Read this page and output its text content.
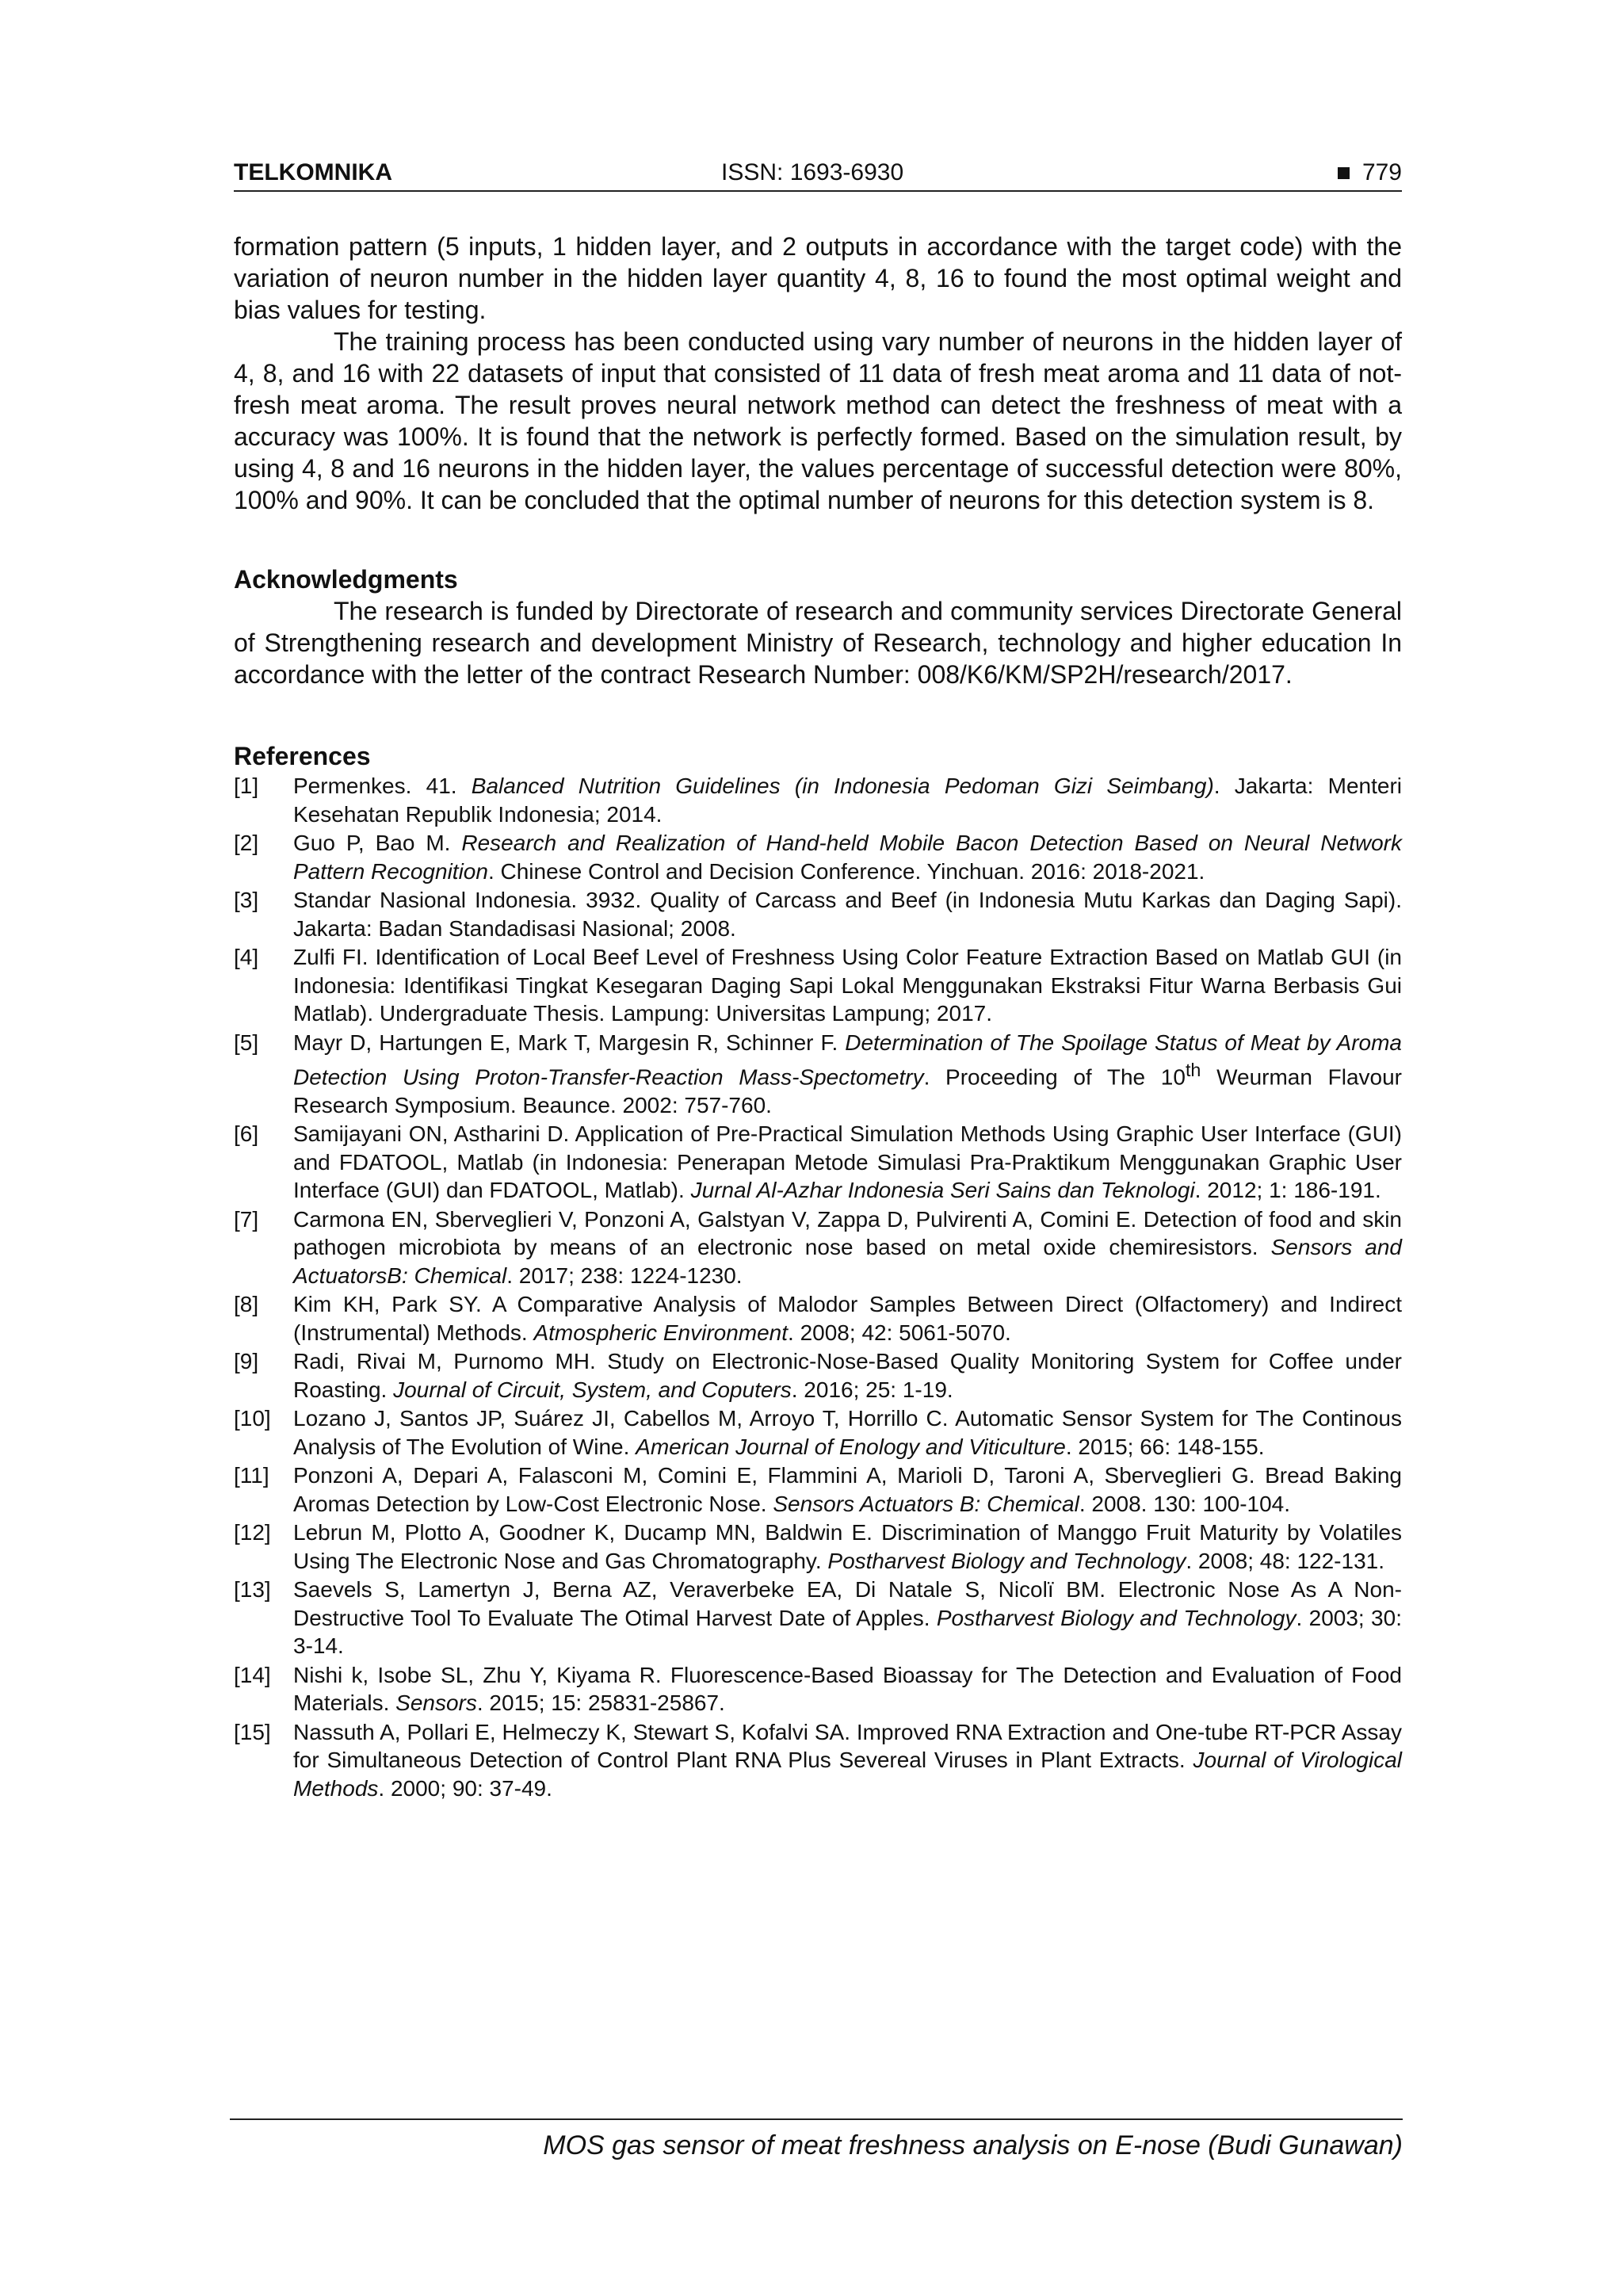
TELKOMNIKA	ISSN: 1693-6930	779

formation pattern (5 inputs, 1 hidden layer, and 2 outputs in accordance with the target code) with the variation of neuron number in the hidden layer quantity 4, 8, 16 to found the most optimal weight and bias values for testing.

The training process has been conducted using vary number of neurons in the hidden layer of 4, 8, and 16 with 22 datasets of input that consisted of 11 data of fresh meat aroma and 11 data of not-fresh meat aroma. The result proves neural network method can detect the freshness of meat with a accuracy was 100%. It is found that the network is perfectly formed. Based on the simulation result, by using 4, 8 and 16 neurons in the hidden layer, the values percentage of successful detection were 80%, 100% and 90%. It can be concluded that the optimal number of neurons for this detection system is 8.

Acknowledgments

The research is funded by Directorate of research and community services Directorate General of Strengthening research and development Ministry of Research, technology and higher education In accordance with the letter of the contract Research Number: 008/K6/KM/SP2H/research/2017.

References
[1] Permenkes. 41. Balanced Nutrition Guidelines (in Indonesia Pedoman Gizi Seimbang). Jakarta: Menteri Kesehatan Republik Indonesia; 2014.
[2] Guo P, Bao M. Research and Realization of Hand-held Mobile Bacon Detection Based on Neural Network Pattern Recognition. Chinese Control and Decision Conference. Yinchuan. 2016: 2018-2021.
[3] Standar Nasional Indonesia. 3932. Quality of Carcass and Beef (in Indonesia Mutu Karkas dan Daging Sapi). Jakarta: Badan Standadisasi Nasional; 2008.
[4] Zulfi FI. Identification of Local Beef Level of Freshness Using Color Feature Extraction Based on Matlab GUI (in Indonesia: Identifikasi Tingkat Kesegaran Daging Sapi Lokal Menggunakan Ekstraksi Fitur Warna Berbasis Gui Matlab). Undergraduate Thesis. Lampung: Universitas Lampung; 2017.
[5] Mayr D, Hartungen E, Mark T, Margesin R, Schinner F. Determination of The Spoilage Status of Meat by Aroma Detection Using Proton-Transfer-Reaction Mass-Spectometry. Proceeding of The 10th Weurman Flavour Research Symposium. Beaunce. 2002: 757-760.
[6] Samijayani ON, Astharini D. Application of Pre-Practical Simulation Methods Using Graphic User Interface (GUI) and FDATOOL, Matlab (in Indonesia: Penerapan Metode Simulasi Pra-Praktikum Menggunakan Graphic User Interface (GUI) dan FDATOOL, Matlab). Jurnal Al-Azhar Indonesia Seri Sains dan Teknologi. 2012; 1: 186-191.
[7] Carmona EN, Sberveglieri V, Ponzoni A, Galstyan V, Zappa D, Pulvirenti A, Comini E. Detection of food and skin pathogen microbiota by means of an electronic nose based on metal oxide chemiresistors. Sensors and ActuatorsB: Chemical. 2017; 238: 1224-1230.
[8] Kim KH, Park SY. A Comparative Analysis of Malodor Samples Between Direct (Olfactomery) and Indirect (Instrumental) Methods. Atmospheric Environment. 2008; 42: 5061-5070.
[9] Radi, Rivai M, Purnomo MH. Study on Electronic-Nose-Based Quality Monitoring System for Coffee under Roasting. Journal of Circuit, System, and Coputers. 2016; 25: 1-19.
[10] Lozano J, Santos JP, Suárez JI, Cabellos M, Arroyo T, Horrillo C. Automatic Sensor System for The Continous Analysis of The Evolution of Wine. American Journal of Enology and Viticulture. 2015; 66: 148-155.
[11] Ponzoni A, Depari A, Falasconi M, Comini E, Flammini A, Marioli D, Taroni A, Sberveglieri G. Bread Baking Aromas Detection by Low-Cost Electronic Nose. Sensors Actuators B: Chemical. 2008. 130: 100-104.
[12] Lebrun M, Plotto A, Goodner K, Ducamp MN, Baldwin E. Discrimination of Manggo Fruit Maturity by Volatiles Using The Electronic Nose and Gas Chromatography. Postharvest Biology and Technology. 2008; 48: 122-131.
[13] Saevels S, Lamertyn J, Berna AZ, Veraverbeke EA, Di Natale S, Nicolï BM. Electronic Nose As A Non-Destructive Tool To Evaluate The Otimal Harvest Date of Apples. Postharvest Biology and Technology. 2003; 30: 3-14.
[14] Nishi k, Isobe SL, Zhu Y, Kiyama R. Fluorescence-Based Bioassay for The Detection and Evaluation of Food Materials. Sensors. 2015; 15: 25831-25867.
[15] Nassuth A, Pollari E, Helmeczy K, Stewart S, Kofalvi SA. Improved RNA Extraction and One-tube RT-PCR Assay for Simultaneous Detection of Control Plant RNA Plus Severeal Viruses in Plant Extracts. Journal of Virological Methods. 2000; 90: 37-49.
MOS gas sensor of meat freshness analysis on E-nose (Budi Gunawan)
